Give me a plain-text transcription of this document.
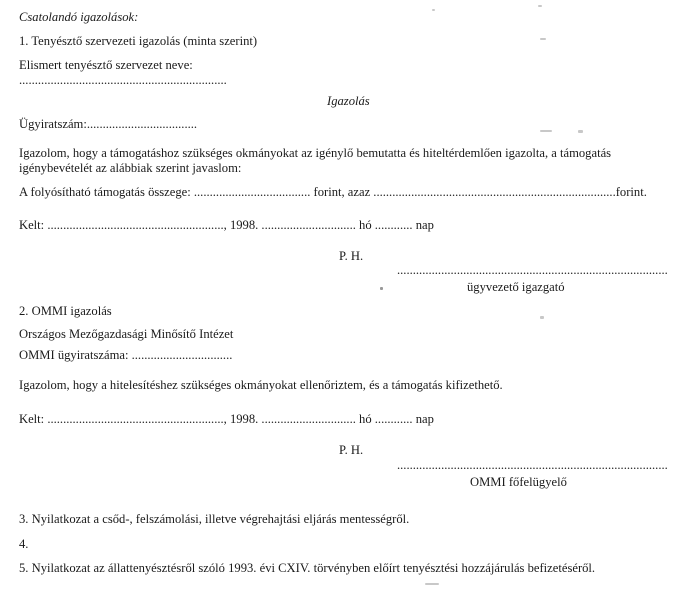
Csatolandó igazolások:
1. Tenyésztő szervezeti igazolás (minta szerint)
Elismert tenyésztő szervezet neve:
..................................................................
Igazolás
Ügyiratszám:...................................
Igazolom, hogy a támogatáshoz szükséges okmányokat az igénylő bemutatta és hiteltérdemlően igazolta, a támogatás
igénybevételét az alábbiak szerint javaslom:
A folyósítható támogatás összege: ..................................... forint, azaz .............................................................................forint.
Kelt: ........................................................, 1998. .............................. hó ............ nap
P. H.
......................................................................................
ügyvezető igazgató
2. OMMI igazolás
Országos Mezőgazdasági Minősítő Intézet
OMMI ügyiratszáma: ................................
Igazolom, hogy a hitelesítéshez szükséges okmányokat ellenőriztem, és a támogatás kifizethető.
Kelt: ........................................................, 1998. .............................. hó ............ nap
P. H.
......................................................................................
OMMI főfelügyelő
3. Nyilatkozat a csőd-, felszámolási, illetve végrehajtási eljárás mentességről.
4.
5. Nyilatkozat az állattenyésztésről szóló 1993. évi CXIV. törvényben előírt tenyésztési hozzájárulás befizetéséről.
